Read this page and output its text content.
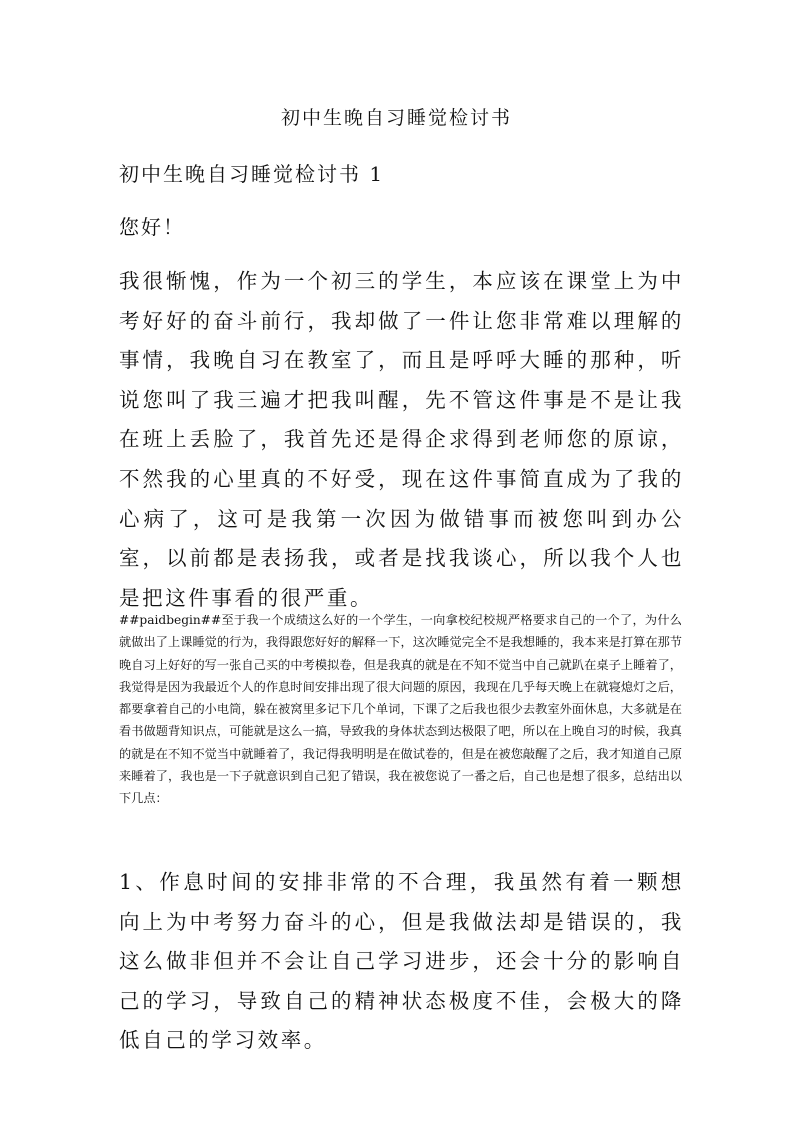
初中生晚自习睡觉检讨书
初中生晚自习睡觉检讨书 1
您好！

我很惭愧，作为一个初三的学生，本应该在课堂上为中考好好的奋斗前行，我却做了一件让您非常难以理解的事情，我晚自习在教室了，而且是呼呼大睡的那种，听说您叫了我三遍才把我叫醒，先不管这件事是不是让我在班上丢脸了，我首先还是得企求得到老师您的原谅，不然我的心里真的不好受，现在这件事简直成为了我的心病了，这可是我第一次因为做错事而被您叫到办公室，以前都是表扬我，或者是找我谈心，所以我个人也是把这件事看的很严重。

##paidbegin##至于我一个成绩这么好的一个学生，一向拿校纪校规严格要求自己的一个了，为什么就做出了上课睡觉的行为，我得跟您好好的解释一下，这次睡觉完全不是我想睡的，我本来是打算在那节晚自习上好好的写一张自己买的中考模拟卷，但是我真的就是在不知不觉当中自己就趴在桌子上睡着了，我觉得是因为我最近个人的作息时间安排出现了很大问题的原因，我现在几乎每天晚上在就寝熄灯之后，都要拿着自己的小电筒，躲在被窝里多记下几个单词，下课了之后我也很少去教室外面休息，大多就是在看书做题背知识点，可能就是这么一搞，导致我的身体状态到达极限了吧，所以在上晚自习的时候，我真的就是在不知不觉当中就睡着了，我记得我明明是在做试卷的，但是在被您敲醒了之后，我才知道自己原来睡着了，我也是一下子就意识到自己犯了错误，我在被您说了一番之后，自己也是想了很多，总结出以下几点：

1、作息时间的安排非常的不合理，我虽然有着一颗想向上为中考努力奋斗的心，但是我做法却是错误的，我这么做非但并不会让自己学习进步，还会十分的影响自己的学习，导致自己的精神状态极度不佳，会极大的降低自己的学习效率。
